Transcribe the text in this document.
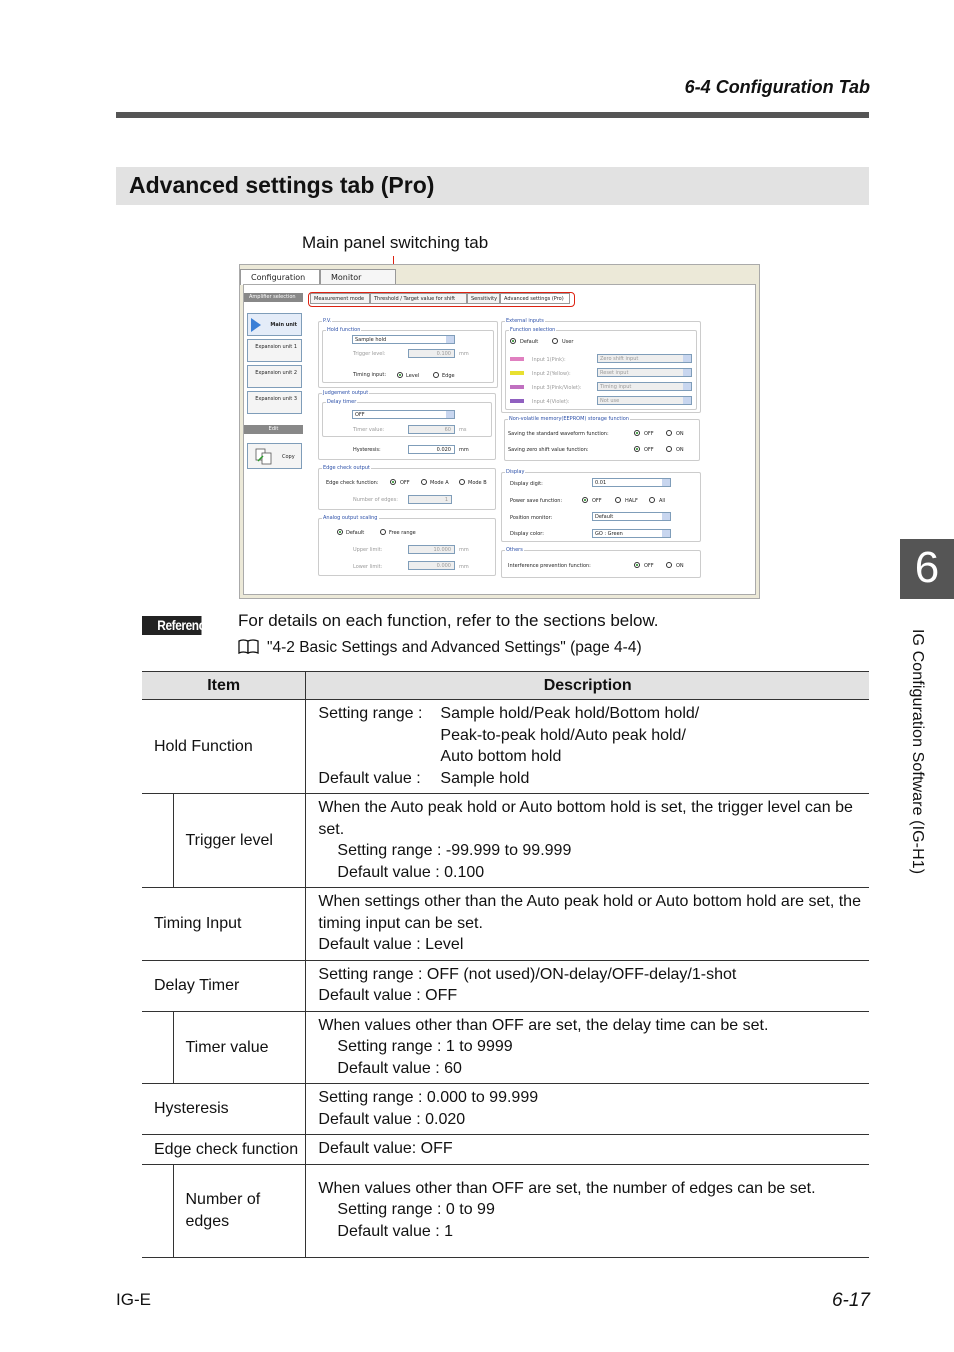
6-4 Configuration Tab
Advanced settings tab (Pro)
Main panel switching tab
Configuration	Monitor
Amplifier selection
Main unit
Expansion unit 1
Expansion unit 2
Expansion unit 3
Edit
Copy
Measurement mode	Threshold / Target value for shift	Sensitivity	Advanced settings (Pro)
P.V.
Hold function
Sample hold
Trigger level:	0.100	mm
Timing input:	Level	Edge
Judgement output
Delay timer
OFF
Timer value:	60	ms
Hysteresis:	0.020	mm
Edge check output
Edge check function:	OFF	Mode A	Mode B
Number of edges:	1
Analog output scaling
Default	Free range
Upper limit:	10.000	mm
Lower limit:	0.000	mm
External inputs
Function selection
Default	User
Input 1(Pink):	Zero shift input
Input 2(Yellow):	Reset input
Input 3(Pink/Violet):	Timing input
Input 4(Violet):	Not use
Non-volatile memory(EEPROM) storage function
Saving the standard waveform function:	OFF	ON
Saving zero shift value function:	OFF	ON
Display
Display digit:	0.01
Power save function:	OFF	HALF	All
Position monitor:	Default
Display color:	GO : Green
Others
Interference prevention function:	OFF	ON
Reference For details on each function, refer to the sections below.
"4-2 Basic Settings and Advanced Settings" (page 4-4)
Item		Description
Hold Function		Setting range : Sample hold/Peak hold/Bottom hold/
Peak-to-peak hold/Auto peak hold/
Auto bottom hold
Default value : Sample hold

	Trigger level	When the Auto peak hold or Auto bottom hold is set, the trigger level can be set.
Setting range : -99.999 to 99.999
Default value : 0.100

Timing Input		When settings other than the Auto peak hold or Auto bottom hold are set, the timing input can be set.
Default value : Level

Delay Timer		Setting range : OFF (not used)/ON-delay/OFF-delay/1-shot
Default value : OFF

	Timer value	When values other than OFF are set, the delay time can be set.
Setting range : 1 to 9999
Default value : 60

Hysteresis		Setting range : 0.000 to 99.999
Default value : 0.020

Edge check function		Default value: OFF
	Number of edges	When values other than OFF are set, the number of edges can be set.
Setting range : 0 to 99
Default value : 1
6
IG Configuration Software (IG-H1)
IG-E	6-17
